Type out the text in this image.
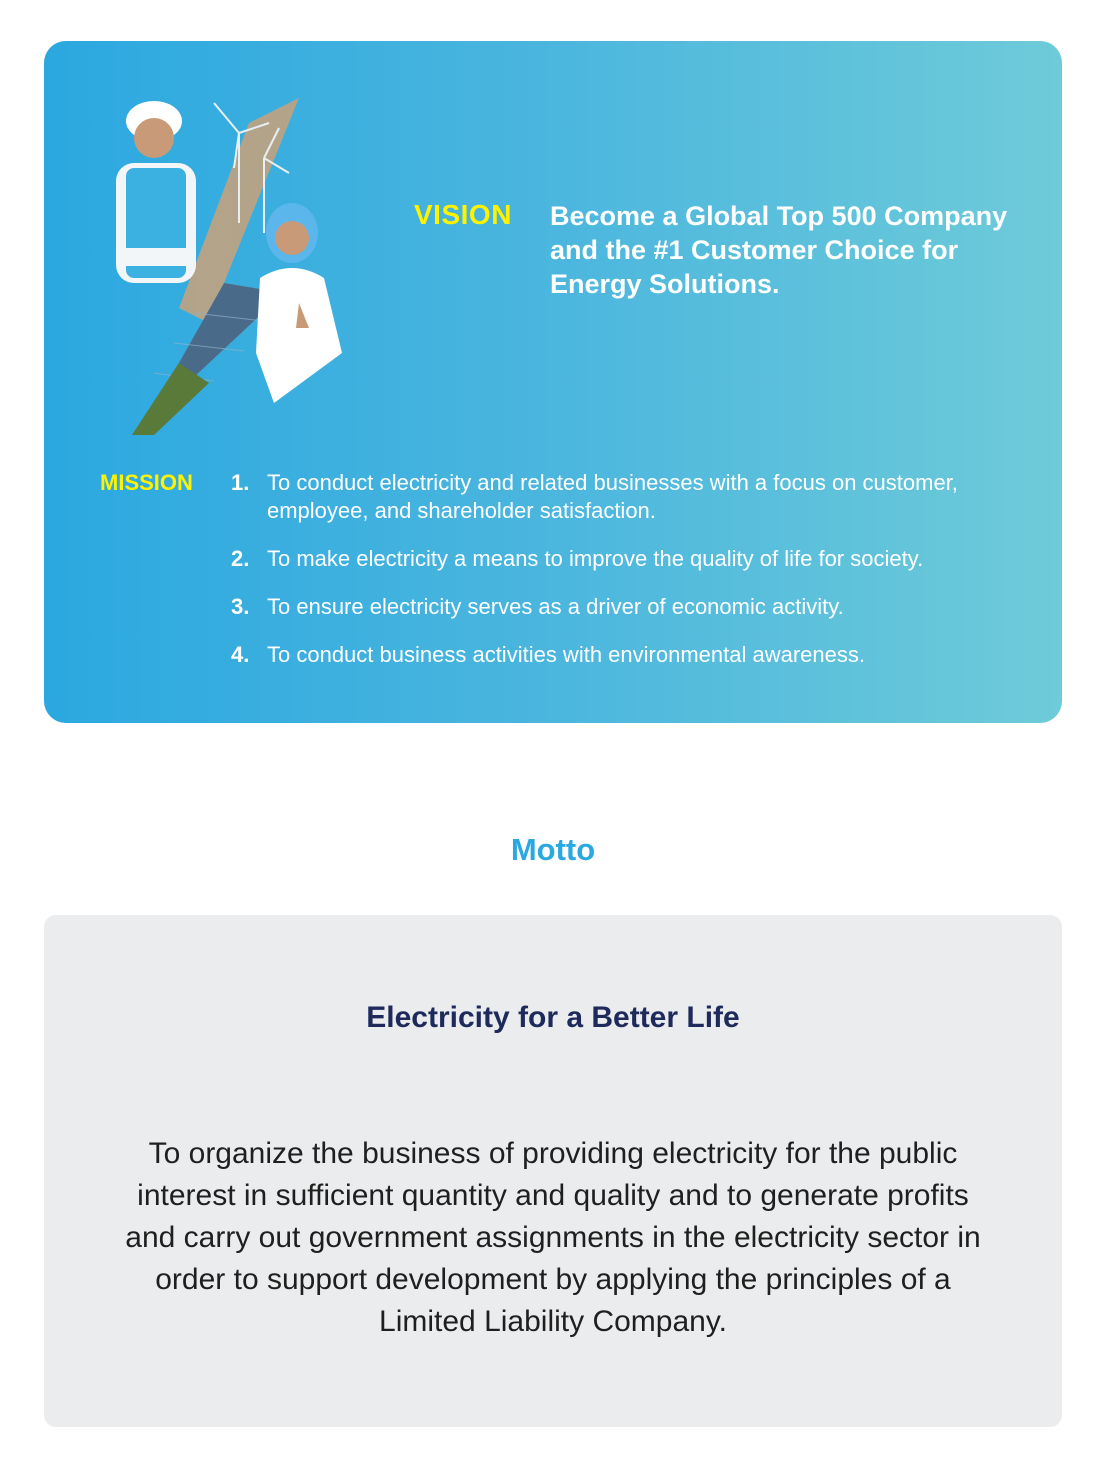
VISION Become a Global Top 500 Company and the #1 Customer Choice for Energy Solutions.
MISSION 1. To conduct electricity and related businesses with a focus on customer, employee, and shareholder satisfaction.
2. To make electricity a means to improve the quality of life for society.
3. To ensure electricity serves as a driver of economic activity.
4. To conduct business activities with environmental awareness.
Motto
Electricity for a Better Life
To organize the business of providing electricity for the public interest in sufficient quantity and quality and to generate profits and carry out government assignments in the electricity sector in order to support development by applying the principles of a Limited Liability Company.
